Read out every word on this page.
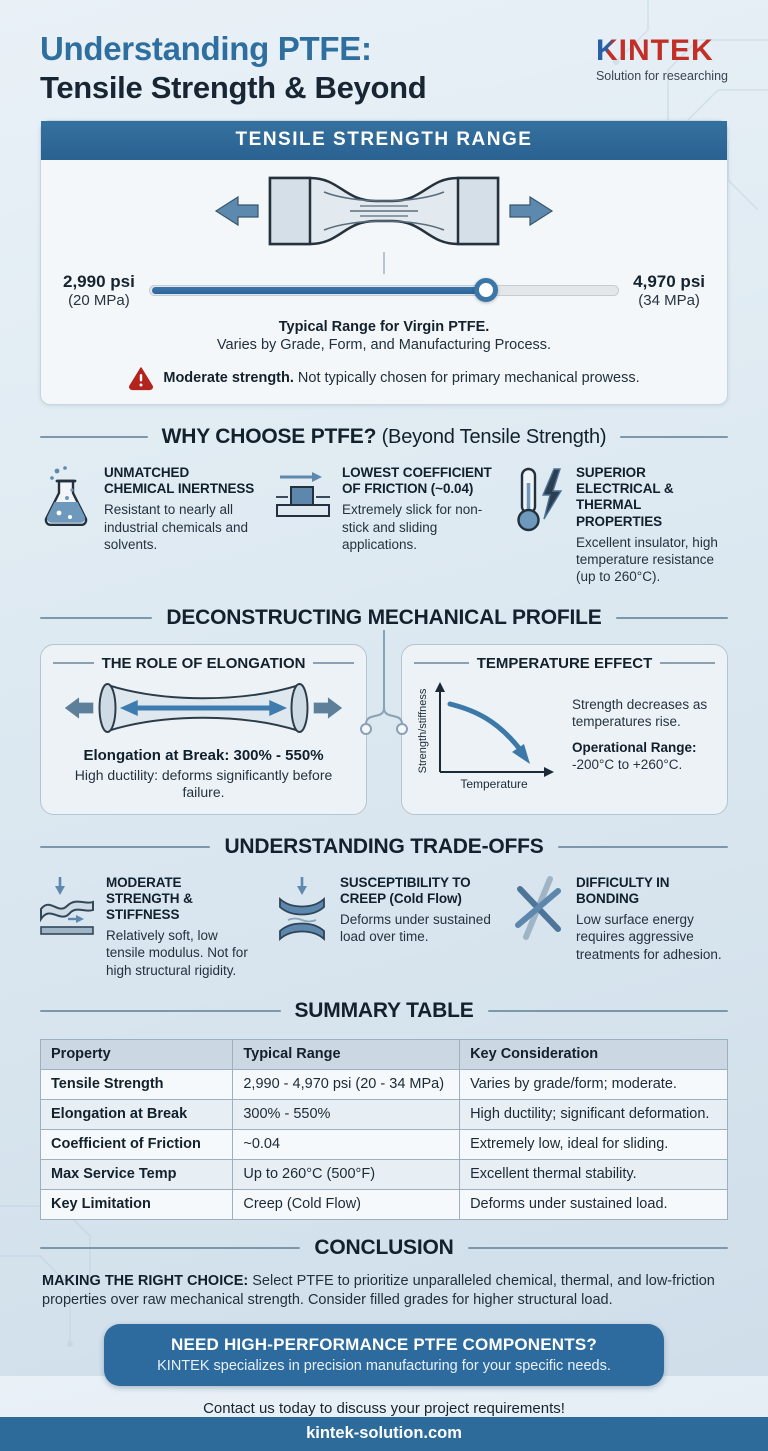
Understanding PTFE:
Tensile Strength & Beyond
KINTEK
Solution for researching
TENSILE STRENGTH RANGE
2,990 psi
(20 MPa)
4,970 psi
(34 MPa)
Typical Range for Virgin PTFE.
Varies by Grade, Form, and Manufacturing Process.
Moderate strength. Not typically chosen for primary mechanical prowess.
WHY CHOOSE PTFE? (Beyond Tensile Strength)
UNMATCHED CHEMICAL INERTNESS
Resistant to nearly all industrial chemicals and solvents.
LOWEST COEFFICIENT OF FRICTION (~0.04)
Extremely slick for non-stick and sliding applications.
SUPERIOR ELECTRICAL & THERMAL PROPERTIES
Excellent insulator, high temperature resistance (up to 260°C).
DECONSTRUCTING MECHANICAL PROFILE
THE ROLE OF ELONGATION
Elongation at Break: 300% - 550%
High ductility: deforms significantly before failure.
TEMPERATURE EFFECT
Strength/stiffness
Temperature
Strength decreases as temperatures rise.
Operational Range:
-200°C to +260°C.
UNDERSTANDING TRADE-OFFS
MODERATE STRENGTH & STIFFNESS
Relatively soft, low tensile modulus. Not for high structural rigidity.
SUSCEPTIBILITY TO CREEP (Cold Flow)
Deforms under sustained load over time.
DIFFICULTY IN BONDING
Low surface energy requires aggressive treatments for adhesion.
SUMMARY TABLE
Property	Typical Range	Key Consideration
Tensile Strength	2,990 - 4,970 psi (20 - 34 MPa)	Varies by grade/form; moderate.
Elongation at Break	300% - 550%	High ductility; significant deformation.
Coefficient of Friction	~0.04	Extremely low, ideal for sliding.
Max Service Temp	Up to 260°C (500°F)	Excellent thermal stability.
Key Limitation	Creep (Cold Flow)	Deforms under sustained load.
CONCLUSION
MAKING THE RIGHT CHOICE: Select PTFE to prioritize unparalleled chemical, thermal, and low-friction properties over raw mechanical strength. Consider filled grades for higher structural load.
NEED HIGH-PERFORMANCE PTFE COMPONENTS?
KINTEK specializes in precision manufacturing for your specific needs.
Contact us today to discuss your project requirements!
kintek-solution.com
